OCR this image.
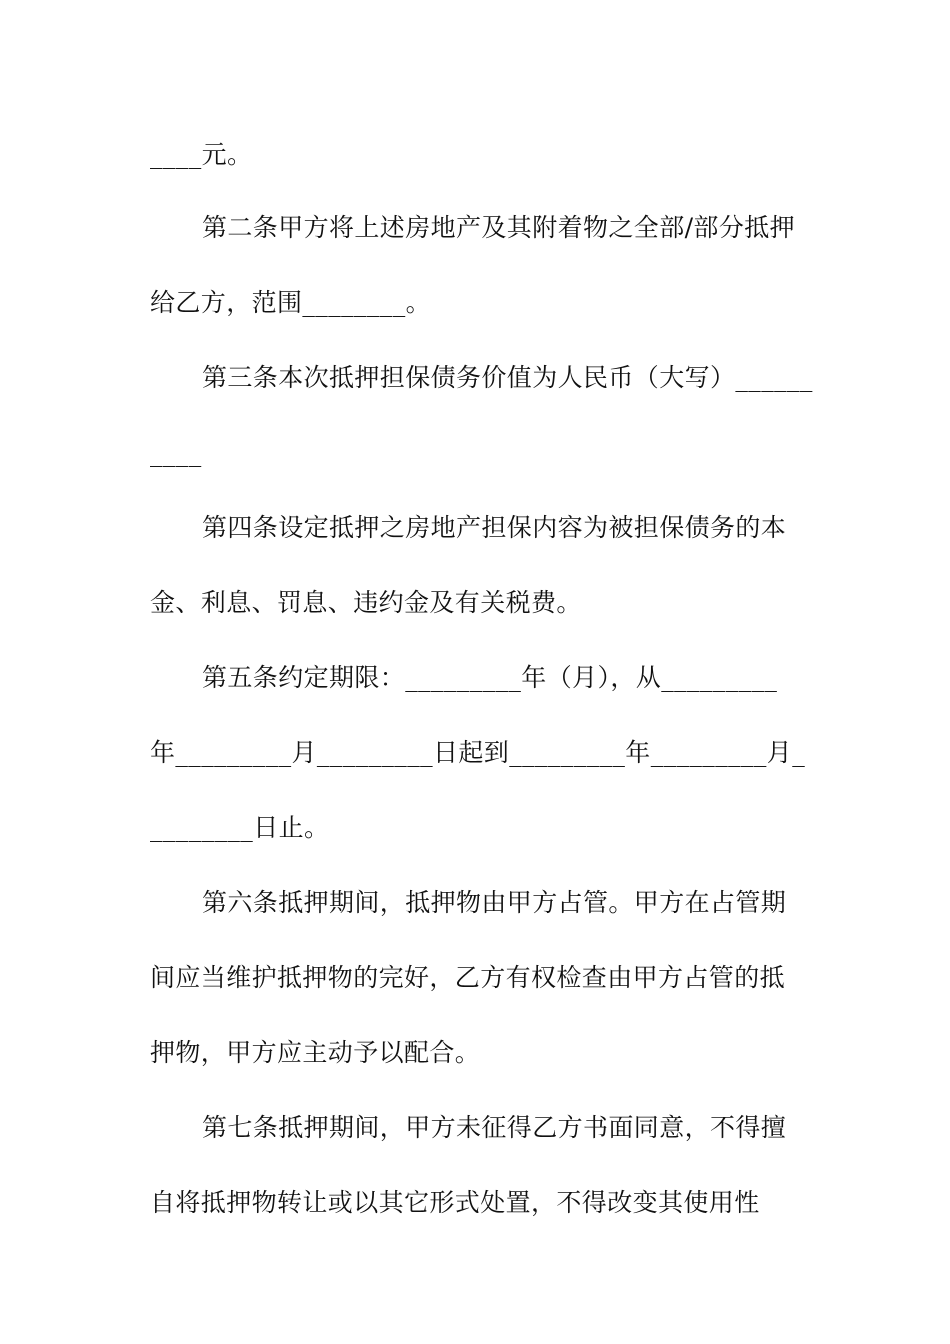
____元。
第二条甲方将上述房地产及其附着物之全部/部分抵押
给乙方，范围________。
第三条本次抵押担保债务价值为人民币（大写）______
____
第四条设定抵押之房地产担保内容为被担保债务的本
金、利息、罚息、违约金及有关税费。
第五条约定期限：_________年（月），从_________
年_________月_________日起到_________年_________月_
________日止。
第六条抵押期间，抵押物由甲方占管。甲方在占管期
间应当维护抵押物的完好，乙方有权检查由甲方占管的抵
押物，甲方应主动予以配合。
第七条抵押期间，甲方未征得乙方书面同意，不得擅
自将抵押物转让或以其它形式处置，不得改变其使用性
